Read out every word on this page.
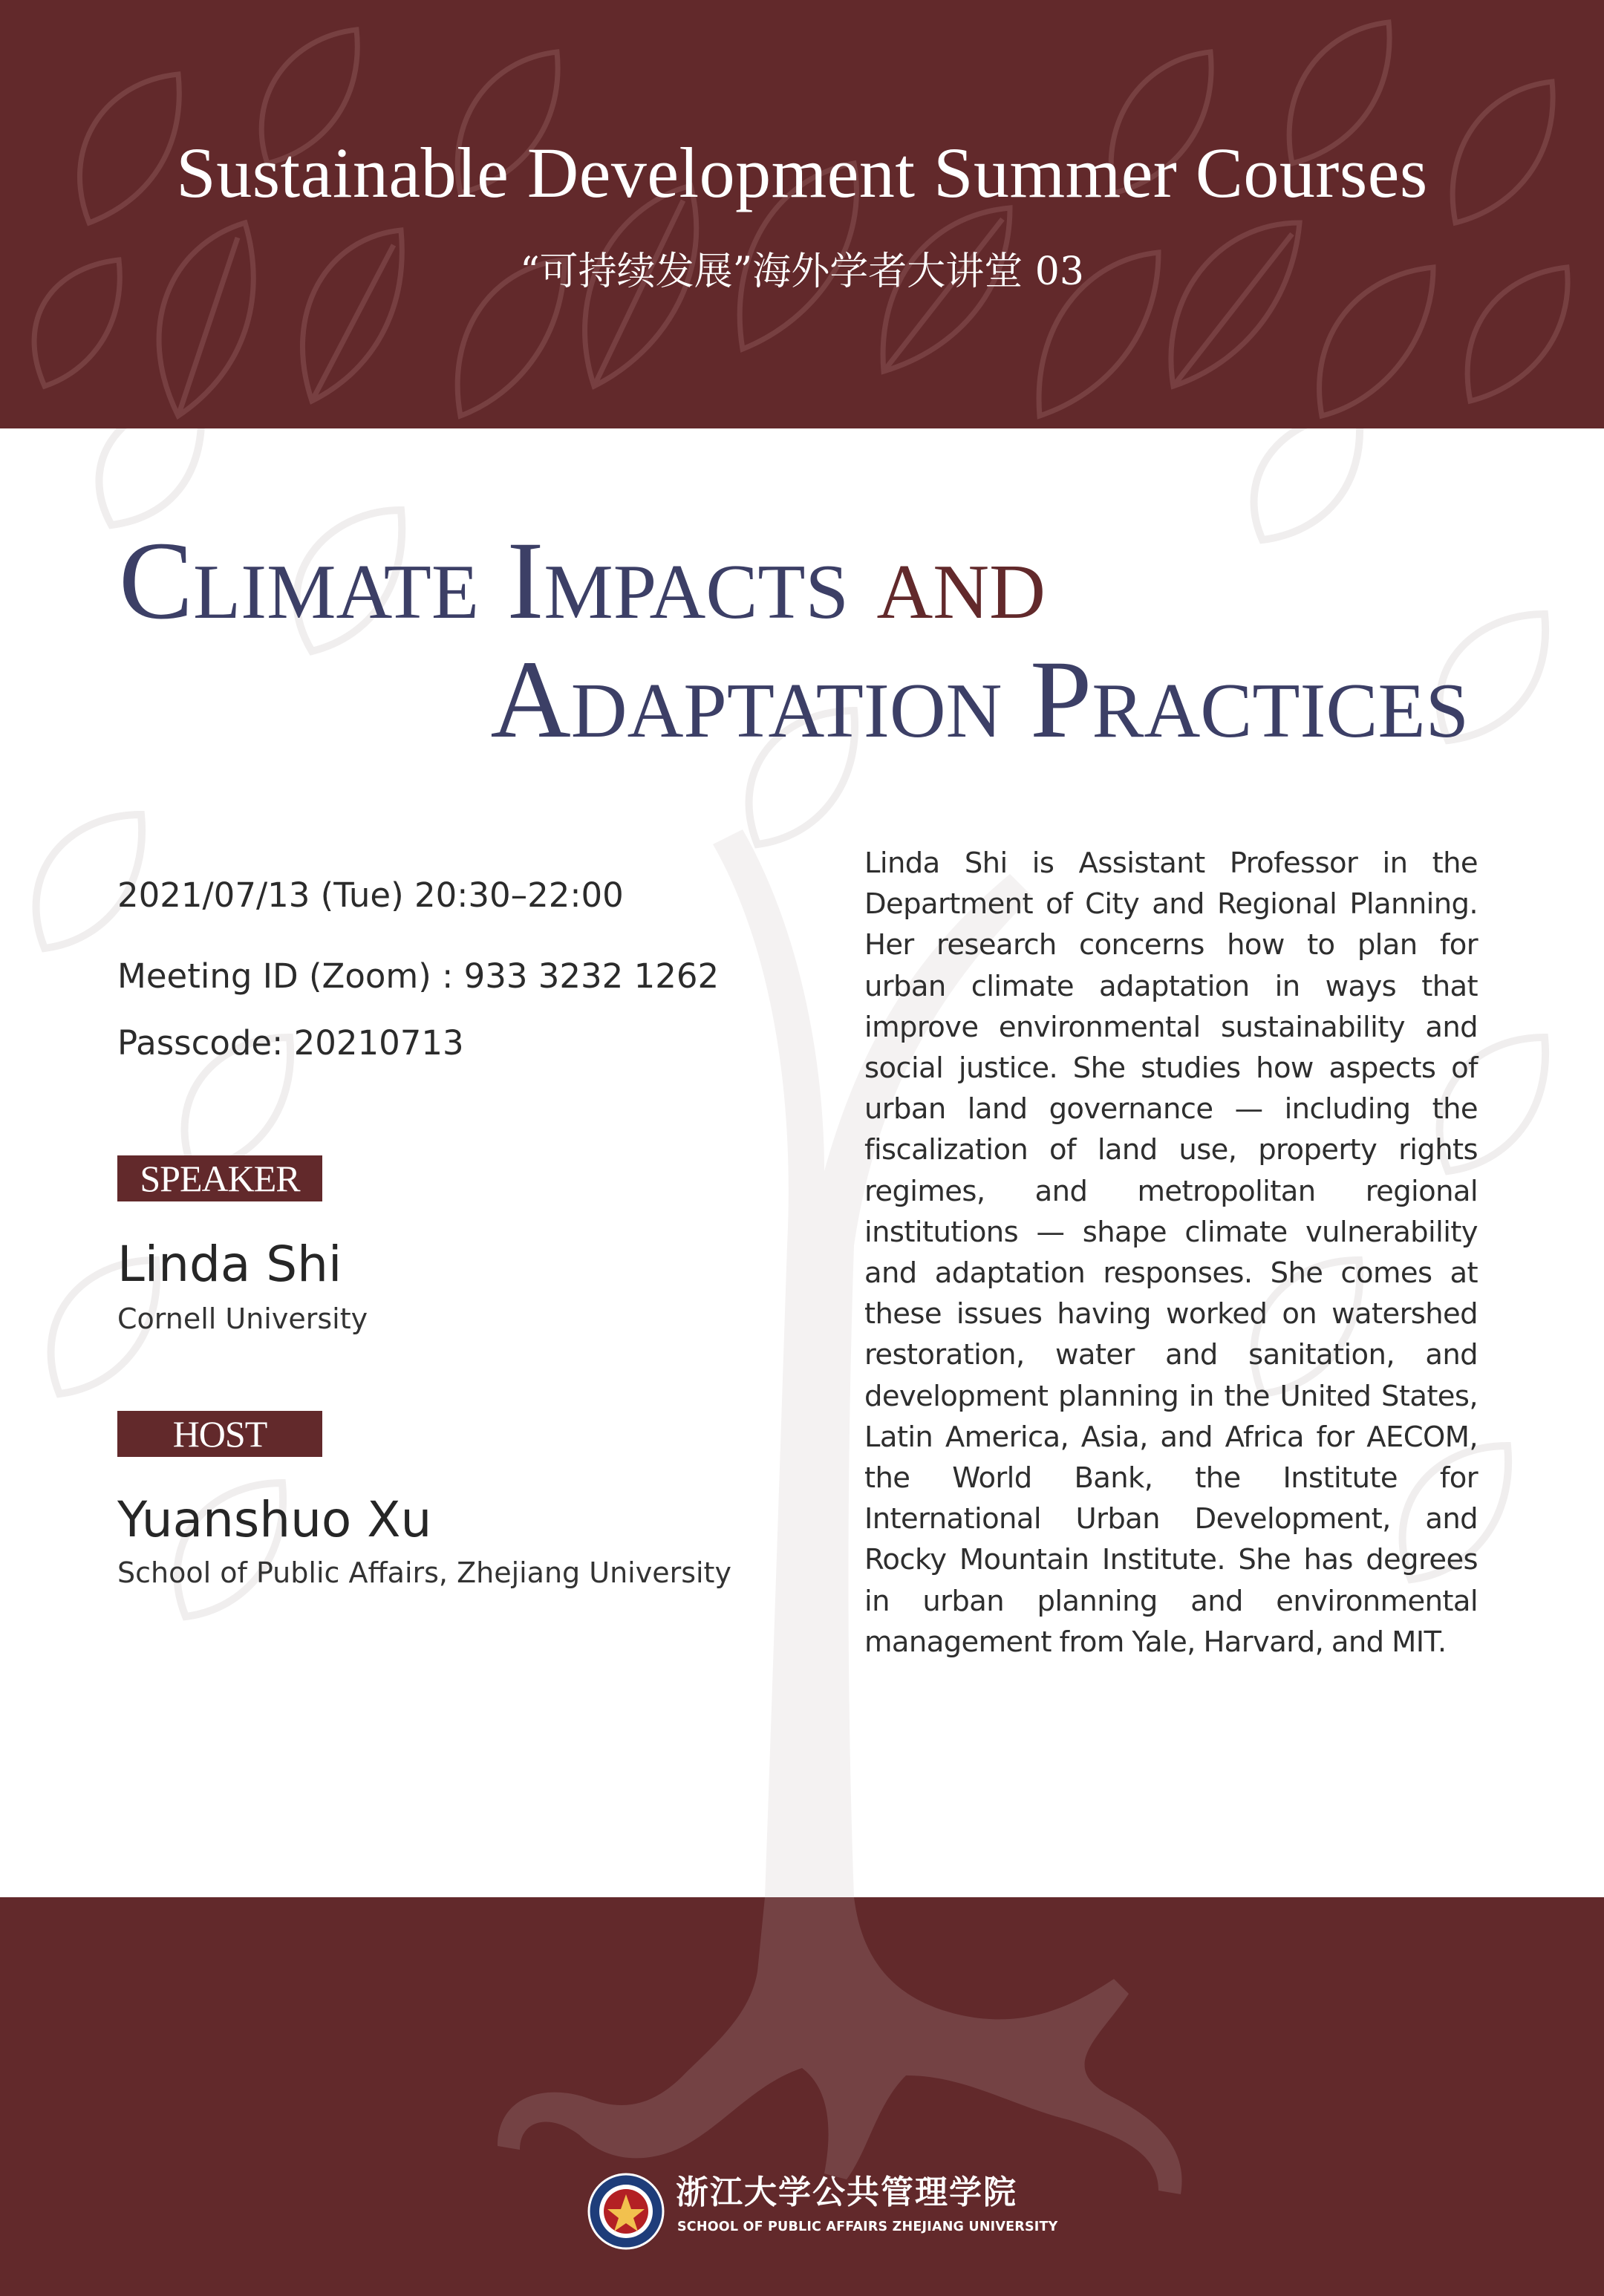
Sustainable Development Summer Courses
“可持续发展”海外学者大讲堂 03
Climate Impacts and
Adaptation Practices
2021/07/13 (Tue) 20:30–22:00
Meeting ID (Zoom) : 933 3232 1262
Passcode: 20210713
SPEAKER
Linda Shi
Cornell University
HOST
Yuanshuo Xu
School of Public Affairs, Zhejiang University
Linda Shi is Assistant Professor in the Department of City and Regional Planning. Her research concerns how to plan for urban climate adaptation in ways that improve environmental sustainability and social justice. She studies how aspects of urban land governance — including the fiscalization of land use, property rights regimes, and metropolitan regional institutions — shape climate vulnerability and adaptation responses. She comes at these issues having worked on watershed restoration, water and sanitation, and development planning in the United States, Latin America, Asia, and Africa for AECOM, the World Bank, the Institute for International Urban Development, and Rocky Mountain Institute. She has degrees in urban planning and environmental management from Yale, Harvard, and MIT.
浙江大学公共管理学院
SCHOOL OF PUBLIC AFFAIRS ZHEJIANG UNIVERSITY
